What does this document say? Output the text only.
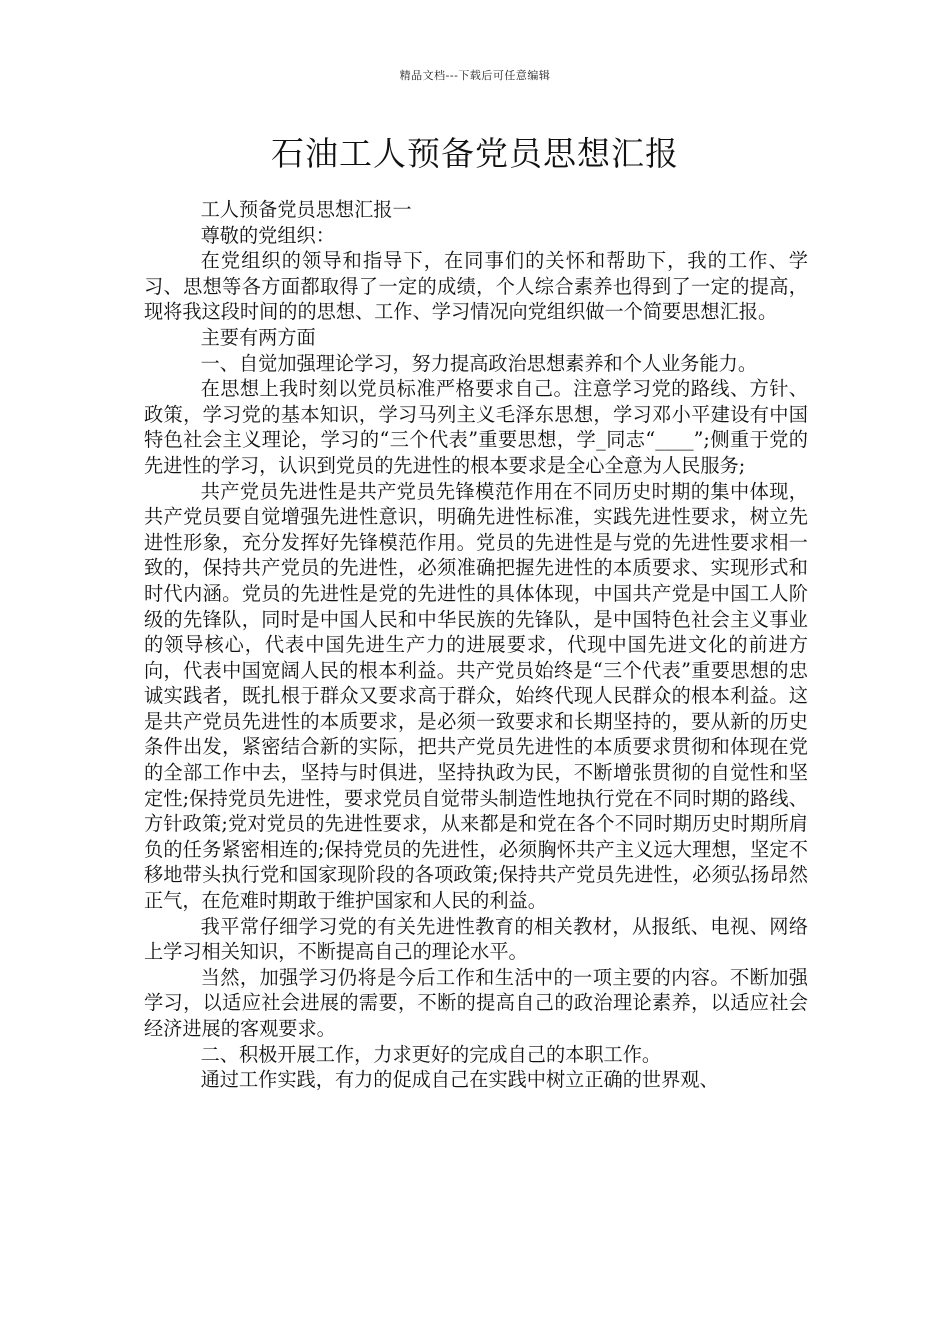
精品文档---下载后可任意编辑
石油工人预备党员思想汇报

工人预备党员思想汇报一

尊敬的党组织：

在党组织的领导和指导下，在同事们的关怀和帮助下，我的工作、学习、思想等各方面都取得了一定的成绩，个人综合素养也得到了一定的提高，现将我这段时间的的思想、工作、学习情况向党组织做一个简要思想汇报。

主要有两方面

一、自觉加强理论学习，努力提高政治思想素养和个人业务能力。

在思想上我时刻以党员标准严格要求自己。注意学习党的路线、方针、政策，学习党的基本知识，学习马列主义毛泽东思想，学习邓小平建设有中国特色社会主义理论，学习的“三个代表”重要思想，学_同志“____”;侧重于党的先进性的学习，认识到党员的先进性的根本要求是全心全意为人民服务;

共产党员先进性是共产党员先锋模范作用在不同历史时期的集中体现，共产党员要自觉增强先进性意识，明确先进性标准，实践先进性要求，树立先进性形象，充分发挥好先锋模范作用。党员的先进性是与党的先进性要求相一致的，保持共产党员的先进性，必须准确把握先进性的本质要求、实现形式和时代内涵。党员的先进性是党的先进性的具体体现，中国共产党是中国工人阶级的先锋队，同时是中国人民和中华民族的先锋队，是中国特色社会主义事业的领导核心，代表中国先进生产力的进展要求，代现中国先进文化的前进方向，代表中国宽阔人民的根本利益。共产党员始终是“三个代表”重要思想的忠诚实践者，既扎根于群众又要求高于群众，始终代现人民群众的根本利益。这是共产党员先进性的本质要求，是必须一致要求和长期坚持的，要从新的历史条件出发，紧密结合新的实际，把共产党员先进性的本质要求贯彻和体现在党的全部工作中去，坚持与时俱进，坚持执政为民，不断增张贯彻的自觉性和坚定性;保持党员先进性，要求党员自觉带头制造性地执行党在不同时期的路线、方针政策;党对党员的先进性要求，从来都是和党在各个不同时期历史时期所肩负的任务紧密相连的;保持党员的先进性，必须胸怀共产主义远大理想，坚定不移地带头执行党和国家现阶段的各项政策;保持共产党员先进性，必须弘扬昂然正气，在危难时期敢于维护国家和人民的利益。

我平常仔细学习党的有关先进性教育的相关教材，从报纸、电视、网络上学习相关知识，不断提高自己的理论水平。

当然，加强学习仍将是今后工作和生活中的一项主要的内容。不断加强学习，以适应社会进展的需要，不断的提高自己的政治理论素养，以适应社会经济进展的客观要求。

二、积极开展工作，力求更好的完成自己的本职工作。

通过工作实践，有力的促成自己在实践中树立正确的世界观、
